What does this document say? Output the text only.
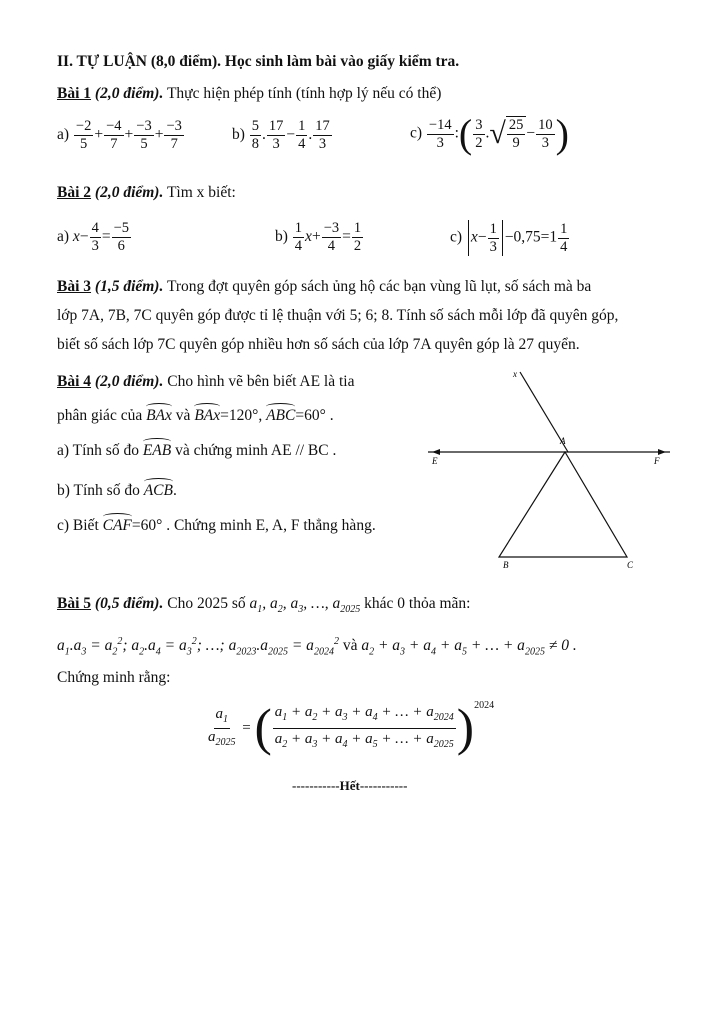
II. TỰ LUẬN (8,0 điểm). Học sinh làm bài vào giấy kiểm tra.
Bài 1 (2,0 điểm). Thực hiện phép tính (tính hợp lý nếu có thể)
$a) \frac{-2}{5} + \frac{-4}{7} + \frac{-3}{5} + \frac{-3}{7}$	$b) \frac{5}{8}$ . $\frac{17}{3} - \frac{1}{4}$ . $\frac{17}{3}$	$c) \frac{-14}{3}$ :( $\frac{3}{2}$ . √ $\frac{25}{9} - \frac{10}{3}$ )
Bài 2 (2,0 điểm). Tìm x biết:
a) $x- \frac{4}{3} = \frac{-5}{6}$	$b) \frac{1}{4} x+ \frac{-3}{4} = \frac{1}{2}$	c) $x- \frac{1}{3} -0,75=1 \frac{1}{4}$
Bài 3 (1,5 điểm). Trong đợt quyên góp sách ủng hộ các bạn vùng lũ lụt, số sách mà ba
lớp 7A, 7B, 7C quyên góp được tỉ lệ thuận với 5; 6; 8. Tính số sách mỗi lớp đã quyên góp,
biết số sách lớp 7C quyên góp nhiều hơn số sách của lớp 7A quyên góp là 27 quyển.
Bài 4 (2,0 điểm). Cho hình vẽ bên biết AE là tia
phân giác của BAx và BAx=120°, ABC=60° .
a) Tính số đo EAB và chứng minh AE // BC .
b) Tính số đo ACB.
c) Biết CAF=60° . Chứng minh E, A, F thẳng hàng.
x
A
E	F
B	C
Bài 5 (0,5 điểm). Cho 2025 số $a_1$, $a_2$, $a_3$, …, $a_{2025}$ khác 0 thỏa mãn:
$a_1.a_3 = a_2^2$; $a_2.a_4 = a_3^2$; …; $a_{2023}.a_{2025} = a_{2024}^2$ và $a_2 + a_3 + a_4 + a_5$ + … + $a_{2025} \ne 0$ .
Chứng minh rằng:
$\frac{a_1}{a_{2025}}$ = ( $\frac{a_1 + a_2 + a_3 + a_4 + \dots + a_{2024}}{a_2 + a_3 + a_4 + a_5 + \dots + a_{2025}} )^{2024}$
-----------Hết-----------
